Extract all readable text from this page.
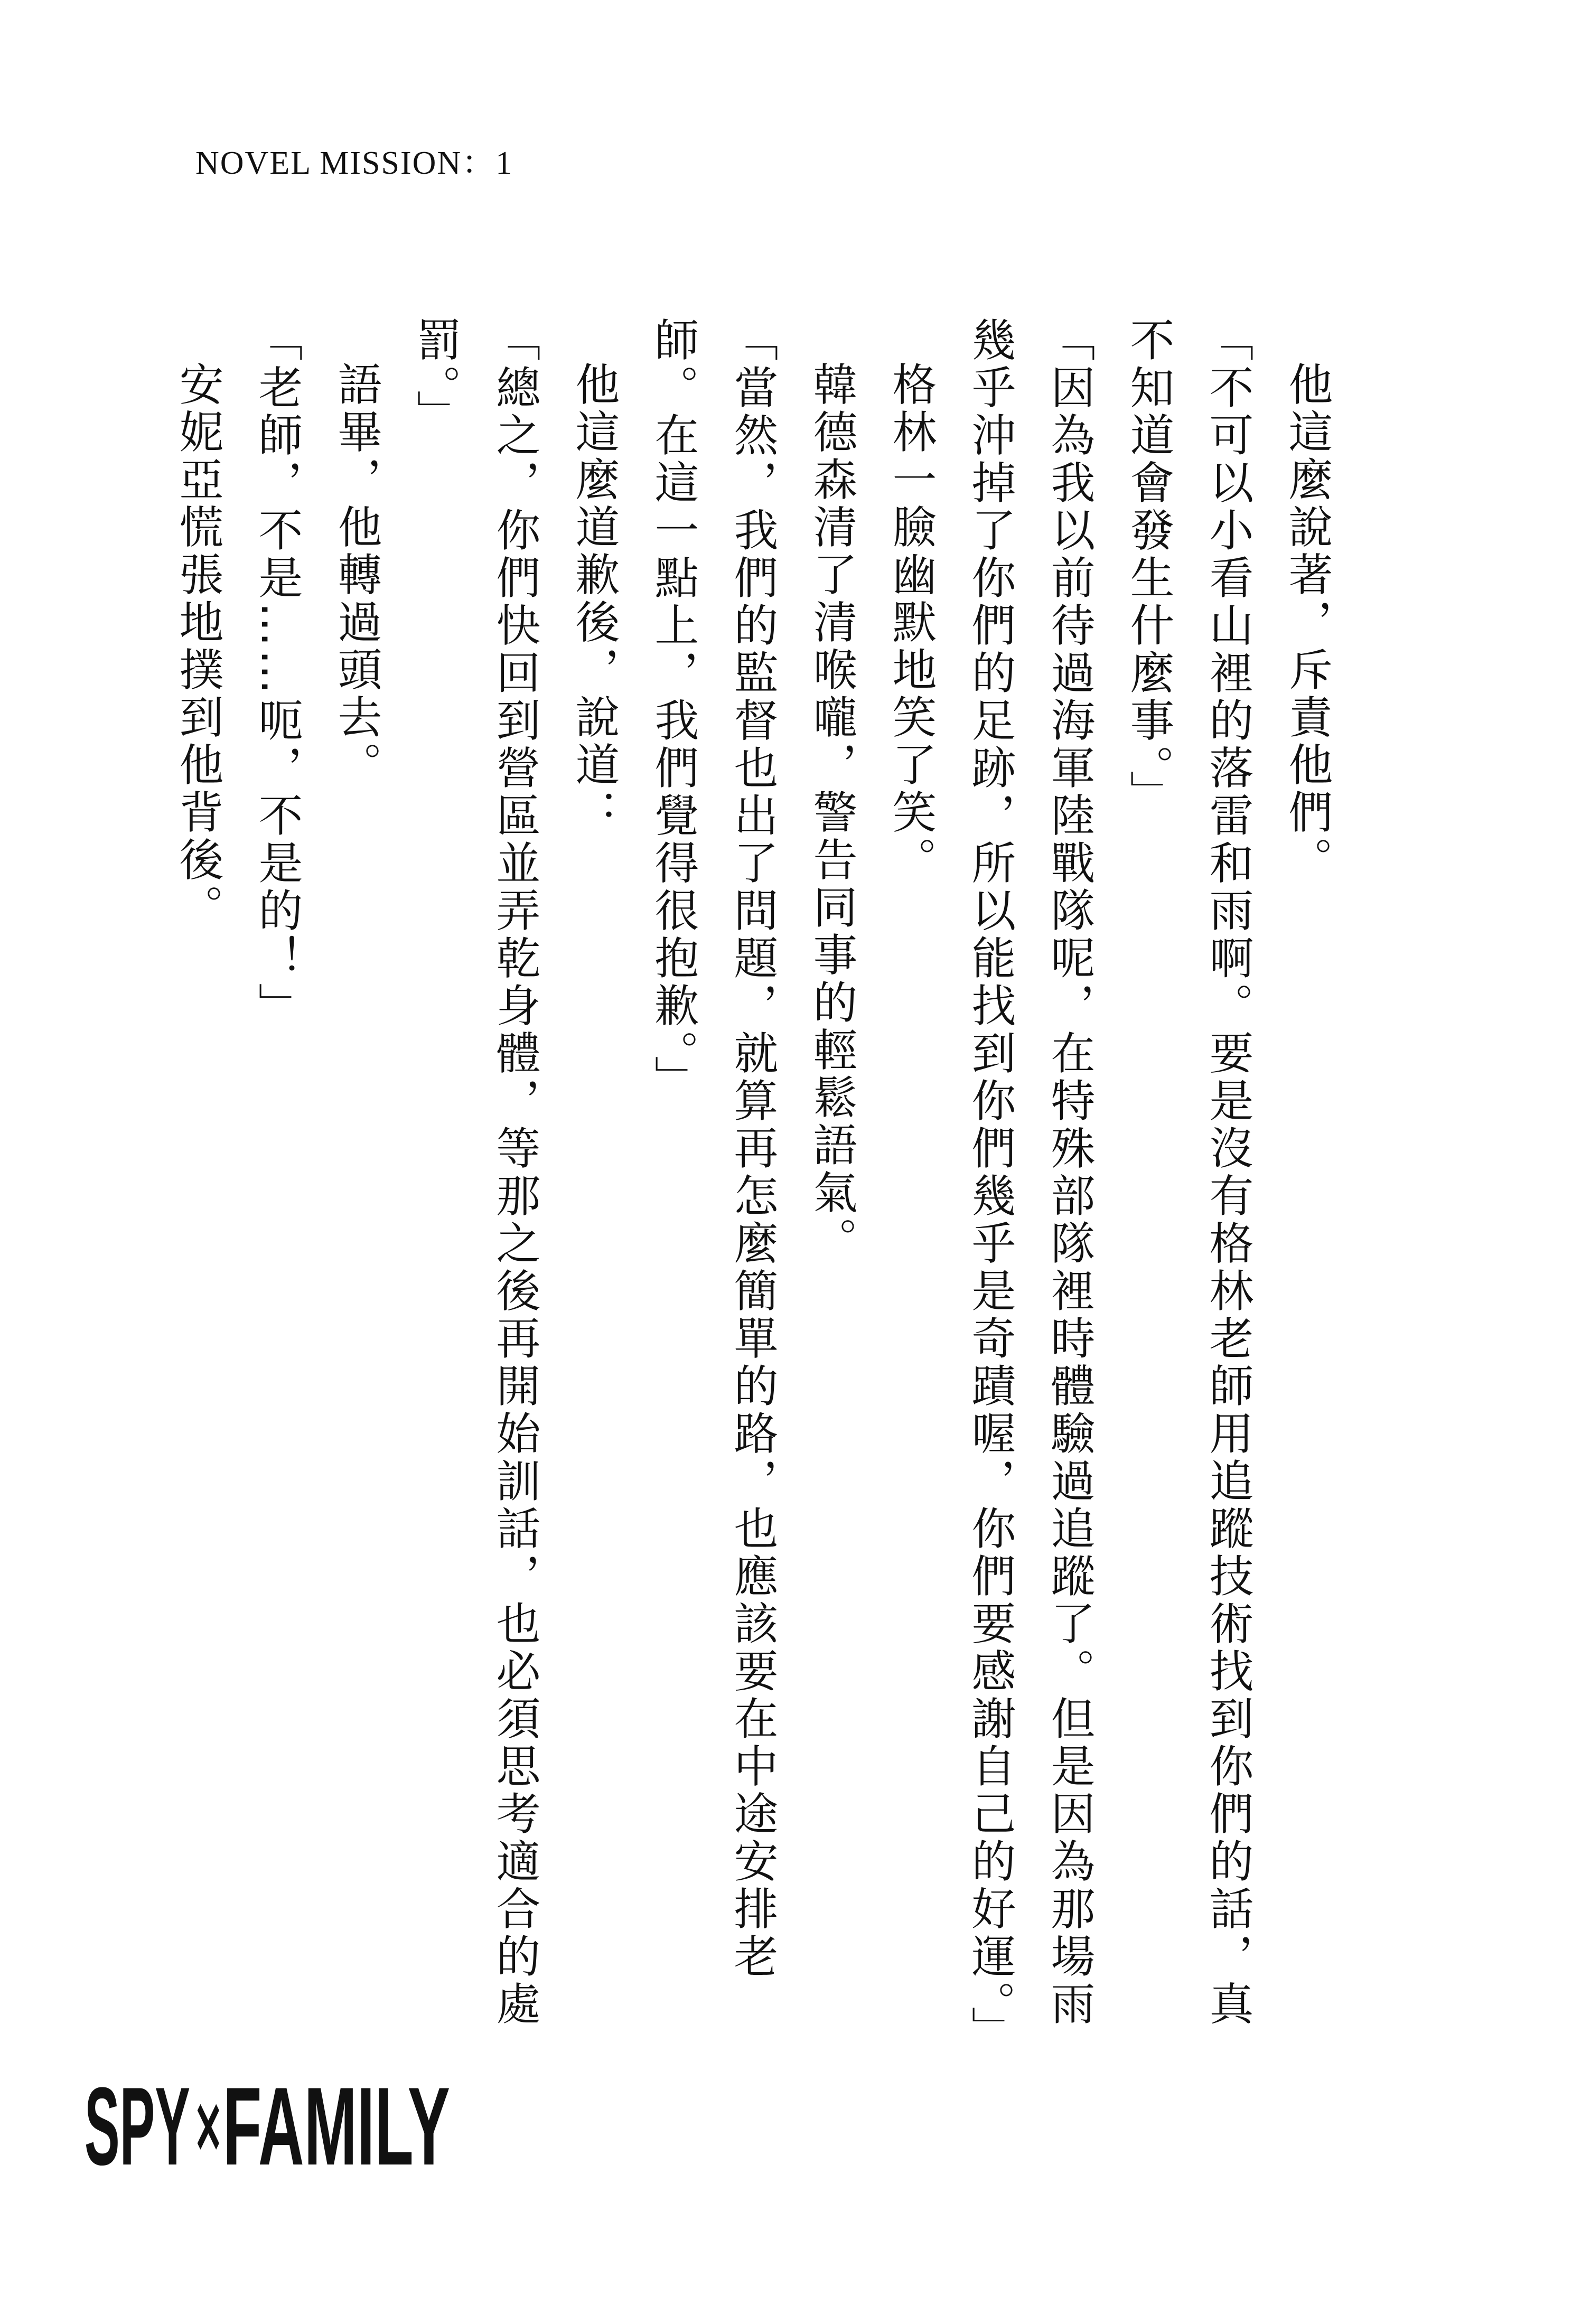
NOVEL MISSION：1

他這麼說著，斥責他們。

「不可以小看山裡的落雷和雨啊。要是沒有格林老師用追蹤技術找到你們的話，真不知道會發生什麼事。」

「因為我以前待過海軍陸戰隊呢，在特殊部隊裡時體驗過追蹤了。但是因為那場雨幾乎沖掉了你們的足跡，所以能找到你們幾乎是奇蹟喔，你們要感謝自己的好運。」

格林一臉幽默地笑了笑。

韓德森清了清喉嚨，警告同事的輕鬆語氣。

「當然，我們的監督也出了問題，就算再怎麼簡單的路，也應該要在中途安排老師。在這一點上，我們覺得很抱歉。」

他這麼道歉後，說道：

「總之，你們快回到營區並弄乾身體，等那之後再開始訓話，也必須思考適合的處罰。」

語畢，他轉過頭去。

「老師，不是……呃，不是的！」

安妮亞慌張地撲到他背後。

SPY ×
FAMILY
